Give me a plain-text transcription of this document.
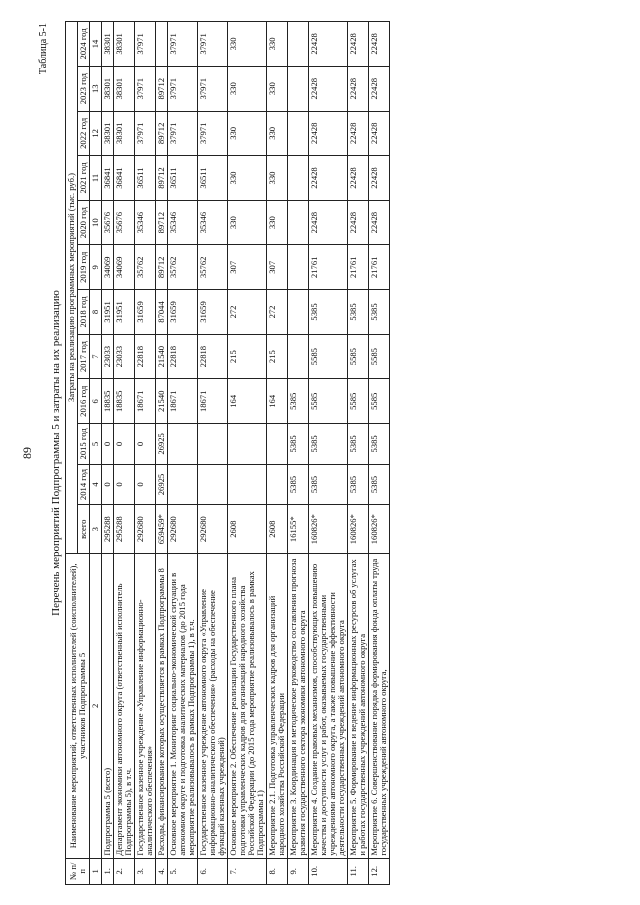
89
Таблица 5-1
Перечень мероприятий Подпрограммы 5 и затраты на их реализацию
№ п/п	Наименование мероприятий, ответственных исполнителей (соисполнителей), участников Подпрограммы 5	Затраты на реализацию программных мероприятий (тыс. руб.)											
		всего	2014 год	2015 год	2016 год	2017 год	2018 год	2019 год	2020 год	2021 год	2022 год	2023 год	2024 год
1	2	3	4	5	6	7	8	9	10	11	12	13	14
1.	Подпрограмма 5 (всего)	295288	0	0	18835	23033	31951	34069	35676	36841	38301	38301	38301
2.	Департамент экономики автономного округа (ответственный исполнитель Подпрограммы 5), в т.ч.	295288	0	0	18835	23033	31951	34069	35676	36841	38301	38301	38301
3.	Государственное казенное учреждение «Управление информационно-аналитического обеспечения»	292680	0	0	18671	22818	31659	35762	35346	36511	37971	37971	37971
4.	Расходы, финансирование которых осуществляется в рамках Подпрограммы 8	659459*	26925	26925	21540	21540	87044	89712	89712	89712	89712	89712	
5.	Основное мероприятие 1. Мониторинг социально-экономической ситуации в автономном округе и подготовка аналитических материалов (до 2015 года мероприятие реализовывалось в рамках Подпрограммы 1), в т.ч.	292680			18671	22818	31659	35762	35346	36511	37971	37971	37971
6.	Государственное казенное учреждение автономного округа «Управление информационно-аналитического обеспечения» (расходы на обеспечение функций казенных учреждений)	292680			18671	22818	31659	35762	35346	36511	37971	37971	37971
7.	Основное мероприятие 2. Обеспечение реализации Государственного плана подготовки управленческих кадров для организаций народного хозяйства Российской Федерации (до 2015 года мероприятие реализовывалось в рамках Подпрограммы 1)	2608			164	215	272	307	330	330	330	330	330
8.	Мероприятие 2.1. Подготовка управленческих кадров для организаций народного хозяйства Российской Федерации	2608			164	215	272	307	330	330	330	330	330
9.	Мероприятие 3. Координация и методическое руководство составления прогноза развития государственного сектора экономики автономного округа	16155*	5385	5385	5385								
10.	Мероприятие 4. Создание правовых механизмов, способствующих повышению качества и доступности услуг и работ, оказываемых государственными учреждениями автономного округа, а также повышение эффективности деятельности государственных учреждений автономного округа	160826*	5385	5385	5585	5585	5385	21761	22428	22428	22428	22428	22428
11.	Мероприятие 5. Формирование и ведение информационных ресурсов об услугах и работах государственных учреждений автономного округа	160826*	5385	5385	5585	5585	5385	21761	22428	22428	22428	22428	22428
12.	Мероприятие 6. Совершенствование порядка формирования фонда оплаты труда государственных учреждений автономного округа,	160826*	5385	5385	5585	5585	5385	21761	22428	22428	22428	22428	22428
